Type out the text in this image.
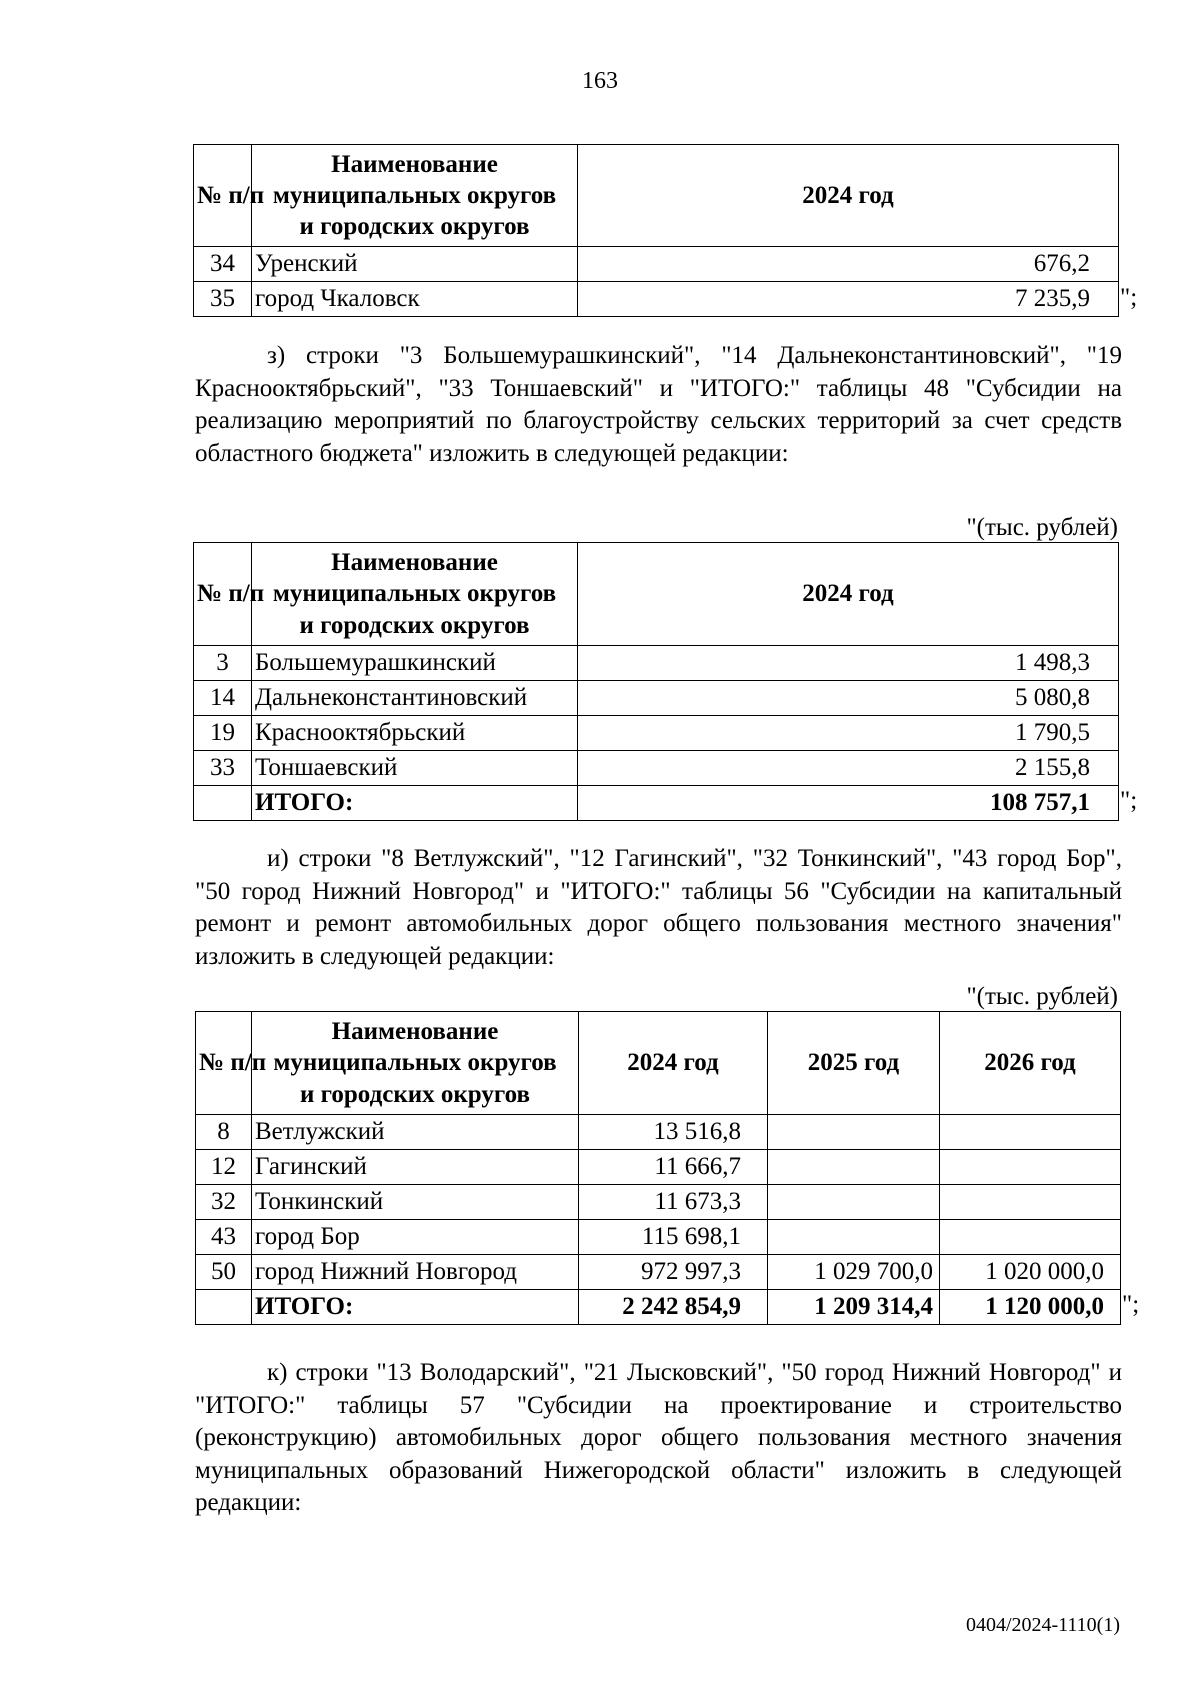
163
№ п/п	Наименование
муниципальных округов
и городских округов	2024 год
34	Уренский	676,2
35	город Чкаловск	7 235,9 ";

з) строки "3 Большемурашкинский", "14 Дальнеконстантиновский", "19 Краснооктябрьский", "33 Тоншаевский" и "ИТОГО:" таблицы 48 "Субсидии на реализацию мероприятий по благоустройству сельских территорий за счет средств областного бюджета" изложить в следующей редакции:

"(тыс. рублей)
№ п/п	Наименование
муниципальных округов
и городских округов	2024 год
3	Большемурашкинский	1 498,3
14	Дальнеконстантиновский	5 080,8
19	Краснооктябрьский	1 790,5
33	Тоншаевский	2 155,8
	ИТОГО:	108 757,1 ";

и) строки "8 Ветлужский", "12 Гагинский", "32 Тонкинский", "43 город Бор", "50 город Нижний Новгород" и "ИТОГО:" таблицы 56 "Субсидии на капитальный ремонт и ремонт автомобильных дорог общего пользования местного значения" изложить в следующей редакции:

"(тыс. рублей)
№ п/п	Наименование
муниципальных округов
и городских округов	2024 год	2025 год	2026 год
8	Ветлужский	13 516,8		
12	Гагинский	11 666,7		
32	Тонкинский	11 673,3		
43	город Бор	115 698,1		
50	город Нижний Новгород	972 997,3	1 029 700,0	1 020 000,0
	ИТОГО:	2 242 854,9	1 209 314,4	1 120 000,0 ";

к) строки "13 Володарский", "21 Лысковский", "50 город Нижний Новгород" и "ИТОГО:" таблицы 57 "Субсидии на проектирование и строительство (реконструкцию) автомобильных дорог общего пользования местного значения муниципальных образований Нижегородской области" изложить в следующей редакции:

0404/2024-1110(1)
